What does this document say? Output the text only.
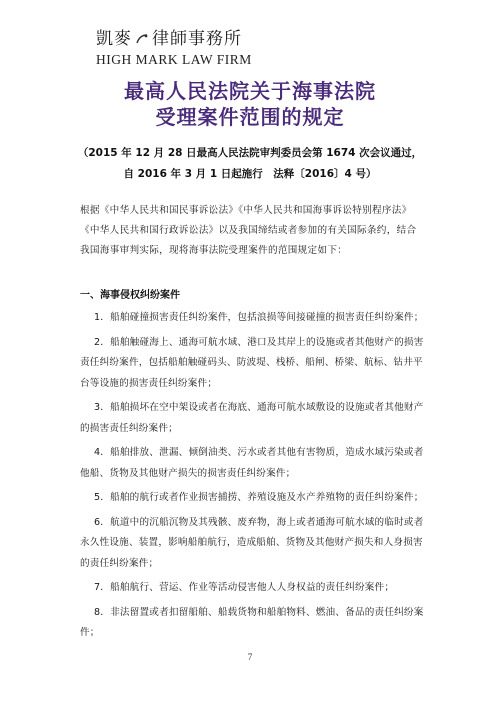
凱麥 律師事務所
HIGH MARK LAW FIRM
最高人民法院关于海事法院
受理案件范围的规定
（2015 年 12 月 28 日最高人民法院审判委员会第 1674 次会议通过，
自 2016 年 3 月 1 日起施行　法释〔2016〕4 号）

根据《中华人民共和国民事诉讼法》《中华人民共和国海事诉讼特别程序法》《中华人民共和国行政诉讼法》以及我国缔结或者参加的有关国际条约，结合我国海事审判实际，现将海事法院受理案件的范围规定如下：

一、海事侵权纠纷案件

1．船舶碰撞损害责任纠纷案件，包括浪损等间接碰撞的损害责任纠纷案件；

2．船舶触碰海上、通海可航水域、港口及其岸上的设施或者其他财产的损害责任纠纷案件，包括船舶触碰码头、防波堤、栈桥、船闸、桥梁、航标、钻井平台等设施的损害责任纠纷案件；

3．船舶损坏在空中架设或者在海底、通海可航水域敷设的设施或者其他财产的损害责任纠纷案件；

4．船舶排放、泄漏、倾倒油类、污水或者其他有害物质，造成水域污染或者他船、货物及其他财产损失的损害责任纠纷案件；

5．船舶的航行或者作业损害捕捞、养殖设施及水产养殖物的责任纠纷案件；

6．航道中的沉船沉物及其残骸、废弃物，海上或者通海可航水域的临时或者永久性设施、装置，影响船舶航行，造成船舶、货物及其他财产损失和人身损害的责任纠纷案件；

7．船舶航行、营运、作业等活动侵害他人人身权益的责任纠纷案件；

8．非法留置或者扣留船舶、船载货物和船舶物料、燃油、备品的责任纠纷案件；

7
